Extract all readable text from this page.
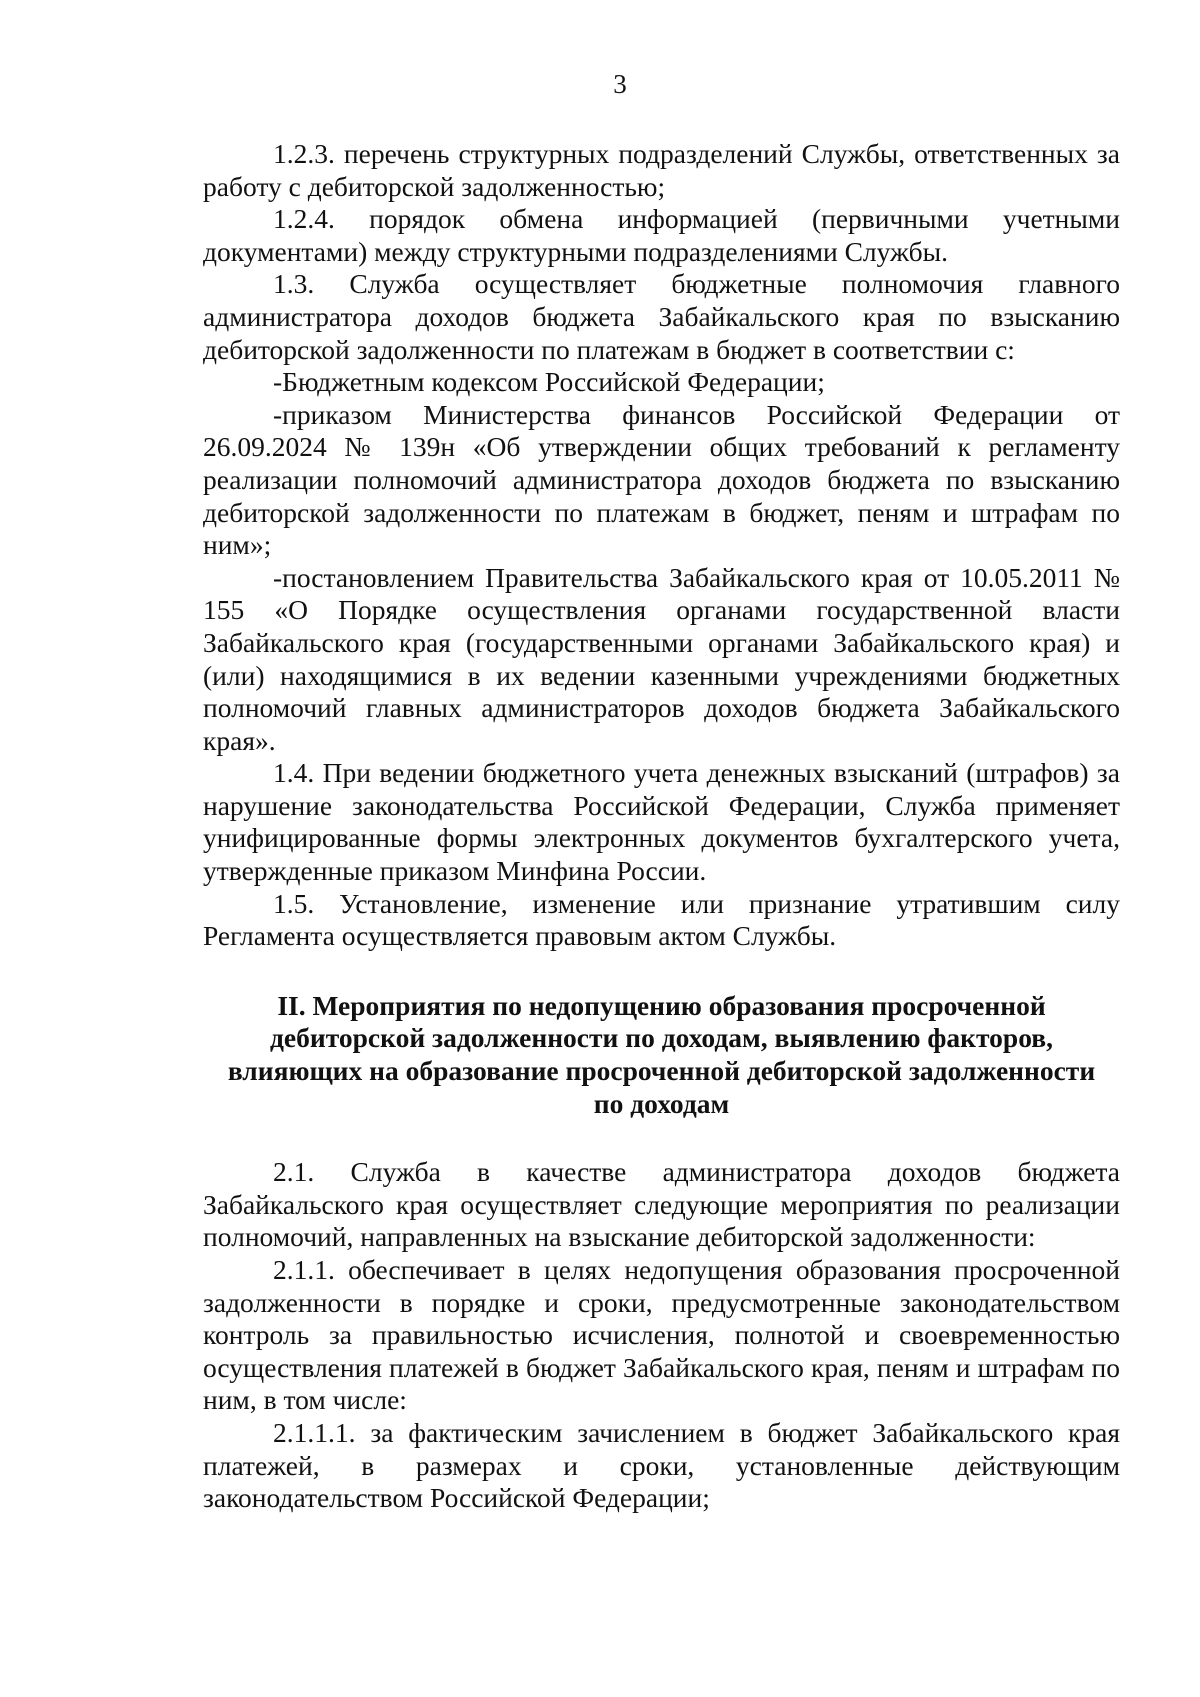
3

1.2.3. перечень структурных подразделений Службы, ответственных за работу с дебиторской задолженностью;

1.2.4. порядок обмена информацией (первичными учетными документами) между структурными подразделениями Службы.

1.3. Служба осуществляет бюджетные полномочия главного администратора доходов бюджета Забайкальского края по взысканию дебиторской задолженности по платежам в бюджет в соответствии с:

-Бюджетным кодексом Российской Федерации;

-приказом Министерства финансов Российской Федерации от 26.09.2024 № 139н «Об утверждении общих требований к регламенту реализации полномочий администратора доходов бюджета по взысканию дебиторской задолженности по платежам в бюджет, пеням и штрафам по ним»;

-постановлением Правительства Забайкальского края от 10.05.2011 № 155 «О Порядке осуществления органами государственной власти Забайкальского края (государственными органами Забайкальского края) и (или) находящимися в их ведении казенными учреждениями бюджетных полномочий главных администраторов доходов бюджета Забайкальского края».

1.4. При ведении бюджетного учета денежных взысканий (штрафов) за нарушение законодательства Российской Федерации, Служба применяет унифицированные формы электронных документов бухгалтерского учета, утвержденные приказом Минфина России.

1.5. Установление, изменение или признание утратившим силу Регламента осуществляется правовым актом Службы.

II. Мероприятия по недопущению образования просроченной дебиторской задолженности по доходам, выявлению факторов, влияющих на образование просроченной дебиторской задолженности по доходам

2.1. Служба в качестве администратора доходов бюджета Забайкальского края осуществляет следующие мероприятия по реализации полномочий, направленных на взыскание дебиторской задолженности:

2.1.1. обеспечивает в целях недопущения образования просроченной задолженности в порядке и сроки, предусмотренные законодательством контроль за правильностью исчисления, полнотой и своевременностью осуществления платежей в бюджет Забайкальского края, пеням и штрафам по ним, в том числе:

2.1.1.1. за фактическим зачислением в бюджет Забайкальского края платежей, в размерах и сроки, установленные действующим законодательством Российской Федерации;
